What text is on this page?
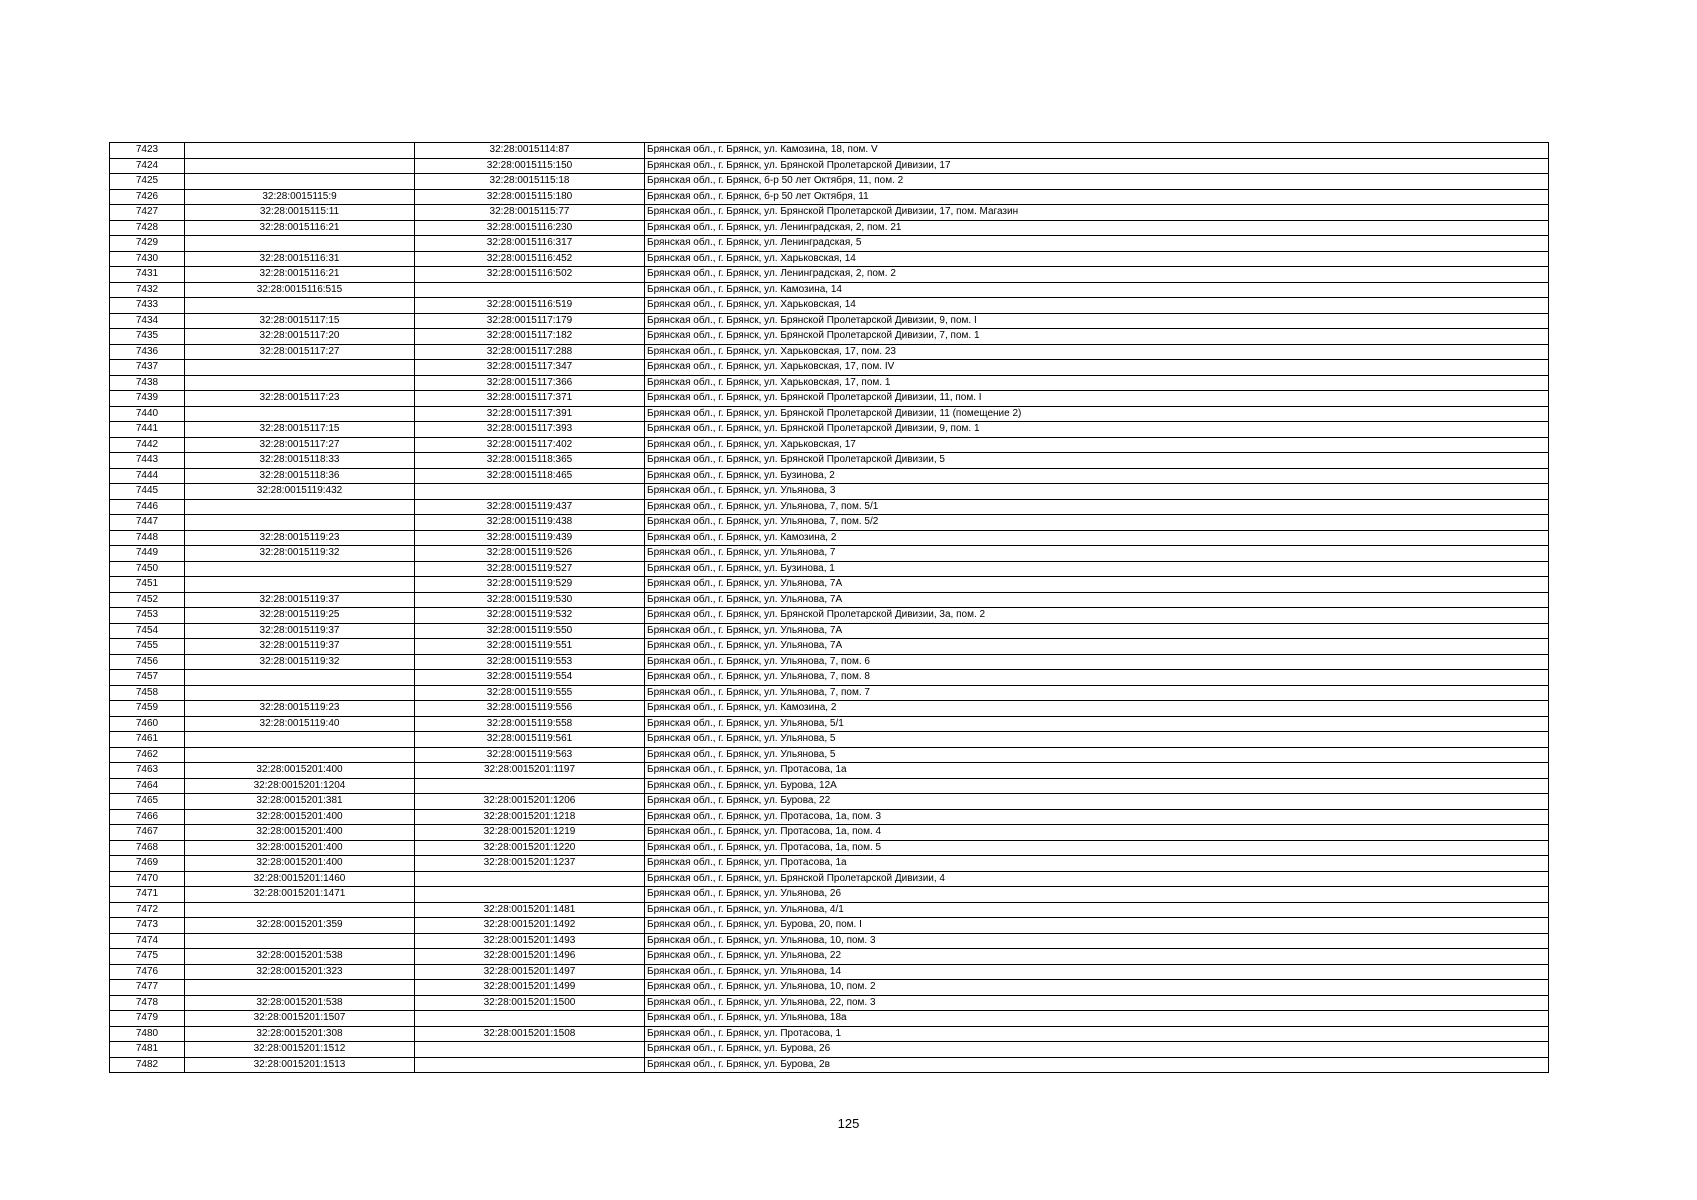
7423		32:28:0015114:87	Брянская обл., г. Брянск, ул. Камозина, 18, пом. V
7424		32:28:0015115:150	Брянская обл., г. Брянск, ул. Брянской Пролетарской Дивизии, 17
7425		32:28:0015115:18	Брянская обл., г. Брянск, б-р 50 лет Октября, 11, пом. 2
7426	32:28:0015115:9	32:28:0015115:180	Брянская обл., г. Брянск, б-р 50 лет Октября, 11
7427	32:28:0015115:11	32:28:0015115:77	Брянская обл., г. Брянск, ул. Брянской Пролетарской Дивизии, 17, пом. Магазин
7428	32:28:0015116:21	32:28:0015116:230	Брянская обл., г. Брянск, ул. Ленинградская, 2, пом. 21
7429		32:28:0015116:317	Брянская обл., г. Брянск, ул. Ленинградская, 5
7430	32:28:0015116:31	32:28:0015116:452	Брянская обл., г. Брянск, ул. Харьковская, 14
7431	32:28:0015116:21	32:28:0015116:502	Брянская обл., г. Брянск, ул. Ленинградская, 2, пом. 2
7432	32:28:0015116:515		Брянская обл., г. Брянск, ул. Камозина, 14
7433		32:28:0015116:519	Брянская обл., г. Брянск, ул. Харьковская, 14
7434	32:28:0015117:15	32:28:0015117:179	Брянская обл., г. Брянск, ул. Брянской Пролетарской Дивизии, 9, пом. I
7435	32:28:0015117:20	32:28:0015117:182	Брянская обл., г. Брянск, ул. Брянской Пролетарской Дивизии, 7, пом. 1
7436	32:28:0015117:27	32:28:0015117:288	Брянская обл., г. Брянск, ул. Харьковская, 17, пом. 23
7437		32:28:0015117:347	Брянская обл., г. Брянск, ул. Харьковская, 17, пом. IV
7438		32:28:0015117:366	Брянская обл., г. Брянск, ул. Харьковская, 17, пом. 1
7439	32:28:0015117:23	32:28:0015117:371	Брянская обл., г. Брянск, ул. Брянской Пролетарской Дивизии, 11, пом. I
7440		32:28:0015117:391	Брянская обл., г. Брянск, ул. Брянской Пролетарской Дивизии, 11 (помещение 2)
7441	32:28:0015117:15	32:28:0015117:393	Брянская обл., г. Брянск, ул. Брянской Пролетарской Дивизии, 9, пом. 1
7442	32:28:0015117:27	32:28:0015117:402	Брянская обл., г. Брянск, ул. Харьковская, 17
7443	32:28:0015118:33	32:28:0015118:365	Брянская обл., г. Брянск, ул. Брянской Пролетарской Дивизии, 5
7444	32:28:0015118:36	32:28:0015118:465	Брянская обл., г. Брянск, ул. Бузинова, 2
7445	32:28:0015119:432		Брянская обл., г. Брянск, ул. Ульянова, 3
7446		32:28:0015119:437	Брянская обл., г. Брянск, ул. Ульянова, 7, пом. 5/1
7447		32:28:0015119:438	Брянская обл., г. Брянск, ул. Ульянова, 7, пом. 5/2
7448	32:28:0015119:23	32:28:0015119:439	Брянская обл., г. Брянск, ул. Камозина, 2
7449	32:28:0015119:32	32:28:0015119:526	Брянская обл., г. Брянск, ул. Ульянова, 7
7450		32:28:0015119:527	Брянская обл., г. Брянск, ул. Бузинова, 1
7451		32:28:0015119:529	Брянская обл., г. Брянск, ул. Ульянова, 7А
7452	32:28:0015119:37	32:28:0015119:530	Брянская обл., г. Брянск, ул. Ульянова, 7А
7453	32:28:0015119:25	32:28:0015119:532	Брянская обл., г. Брянск, ул. Брянской Пролетарской Дивизии, 3а, пом. 2
7454	32:28:0015119:37	32:28:0015119:550	Брянская обл., г. Брянск, ул. Ульянова, 7А
7455	32:28:0015119:37	32:28:0015119:551	Брянская обл., г. Брянск, ул. Ульянова, 7А
7456	32:28:0015119:32	32:28:0015119:553	Брянская обл., г. Брянск, ул. Ульянова, 7, пом. 6
7457		32:28:0015119:554	Брянская обл., г. Брянск, ул. Ульянова, 7, пом. 8
7458		32:28:0015119:555	Брянская обл., г. Брянск, ул. Ульянова, 7, пом. 7
7459	32:28:0015119:23	32:28:0015119:556	Брянская обл., г. Брянск, ул. Камозина, 2
7460	32:28:0015119:40	32:28:0015119:558	Брянская обл., г. Брянск, ул. Ульянова, 5/1
7461		32:28:0015119:561	Брянская обл., г. Брянск, ул. Ульянова, 5
7462		32:28:0015119:563	Брянская обл., г. Брянск, ул. Ульянова, 5
7463	32:28:0015201:400	32:28:0015201:1197	Брянская обл., г. Брянск, ул. Протасова, 1а
7464	32:28:0015201:1204		Брянская обл., г. Брянск, ул. Бурова, 12А
7465	32:28:0015201:381	32:28:0015201:1206	Брянская обл., г. Брянск, ул. Бурова, 22
7466	32:28:0015201:400	32:28:0015201:1218	Брянская обл., г. Брянск, ул. Протасова, 1а, пом. 3
7467	32:28:0015201:400	32:28:0015201:1219	Брянская обл., г. Брянск, ул. Протасова, 1а, пом. 4
7468	32:28:0015201:400	32:28:0015201:1220	Брянская обл., г. Брянск, ул. Протасова, 1а, пом. 5
7469	32:28:0015201:400	32:28:0015201:1237	Брянская обл., г. Брянск, ул. Протасова, 1а
7470	32:28:0015201:1460		Брянская обл., г. Брянск, ул. Брянской Пролетарской Дивизии, 4
7471	32:28:0015201:1471		Брянская обл., г. Брянск, ул. Ульянова, 26
7472		32:28:0015201:1481	Брянская обл., г. Брянск, ул. Ульянова, 4/1
7473	32:28:0015201:359	32:28:0015201:1492	Брянская обл., г. Брянск, ул. Бурова, 20, пом. I
7474		32:28:0015201:1493	Брянская обл., г. Брянск, ул. Ульянова, 10, пом. 3
7475	32:28:0015201:538	32:28:0015201:1496	Брянская обл., г. Брянск, ул. Ульянова, 22
7476	32:28:0015201:323	32:28:0015201:1497	Брянская обл., г. Брянск, ул. Ульянова, 14
7477		32:28:0015201:1499	Брянская обл., г. Брянск, ул. Ульянова, 10, пом. 2
7478	32:28:0015201:538	32:28:0015201:1500	Брянская обл., г. Брянск, ул. Ульянова, 22, пом. 3
7479	32:28:0015201:1507		Брянская обл., г. Брянск, ул. Ульянова, 18а
7480	32:28:0015201:308	32:28:0015201:1508	Брянская обл., г. Брянск, ул. Протасова, 1
7481	32:28:0015201:1512		Брянская обл., г. Брянск, ул. Бурова, 26
7482	32:28:0015201:1513		Брянская обл., г. Брянск, ул. Бурова, 2в
125
